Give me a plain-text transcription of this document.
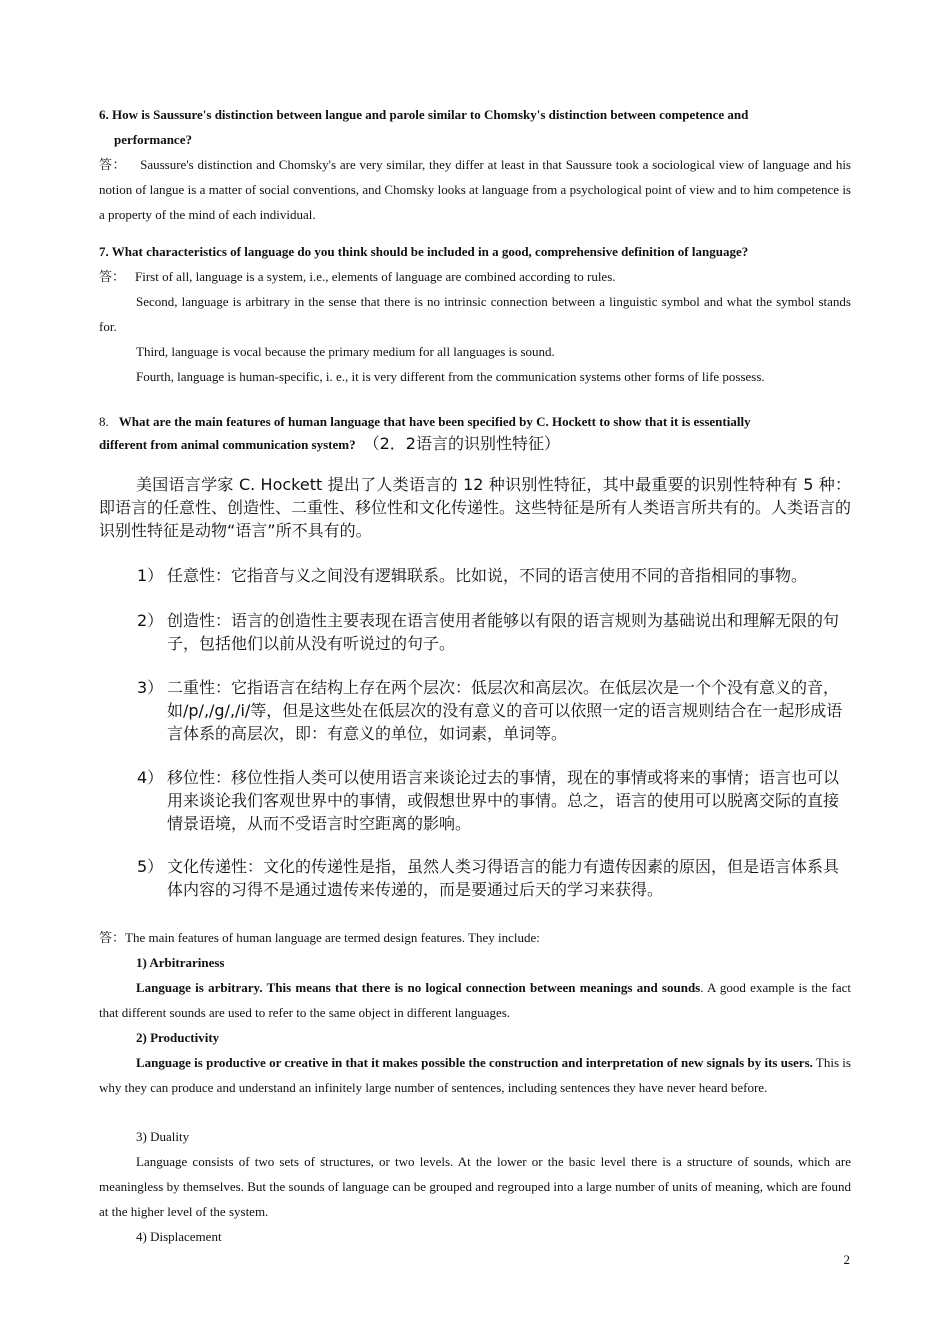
6. How is Saussure's distinction between langue and parole similar to Chomsky's distinction between competence and
performance?
答： Saussure's distinction and Chomsky's are very similar, they differ at least in that Saussure took a sociological view of language and his notion of langue is a matter of social conventions, and Chomsky looks at language from a psychological point of view and to him competence is a property of the mind of each individual.
7. What characteristics of language do you think should be included in a good, comprehensive definition of language?
答： First of all, language is a system, i.e., elements of language are combined according to rules.
Second, language is arbitrary in the sense that there is no intrinsic connection between a linguistic symbol and what the symbol stands for.
Third, language is vocal because the primary medium for all languages is sound.
Fourth, language is human-specific, i. e., it is very different from the communication systems other forms of life possess.
8. What are the main features of human language that have been specified by C. Hockett to show that it is essentially
different from animal communication system? （2．2语言的识别性特征）
美国语言学家 C. Hockett 提出了人类语言的 12 种识别性特征，其中最重要的识别性特种有 5 种：即语言的任意性、创造性、二重性、移位性和文化传递性。这些特征是所有人类语言所共有的。人类语言的识别性特征是动物“语言”所不具有的。
1） 任意性：它指音与义之间没有逻辑联系。比如说，不同的语言使用不同的音指相同的事物。
2） 创造性：语言的创造性主要表现在语言使用者能够以有限的语言规则为基础说出和理解无限的句子，包括他们以前从没有听说过的句子。
3） 二重性：它指语言在结构上存在两个层次：低层次和高层次。在低层次是一个个没有意义的音，如/p/,/g/,/i/等，但是这些处在低层次的没有意义的音可以依照一定的语言规则结合在一起形成语言体系的高层次，即：有意义的单位，如词素，单词等。
4） 移位性：移位性指人类可以使用语言来谈论过去的事情，现在的事情或将来的事情；语言也可以用来谈论我们客观世界中的事情，或假想世界中的事情。总之，语言的使用可以脱离交际的直接情景语境，从而不受语言时空距离的影响。
5） 文化传递性：文化的传递性是指，虽然人类习得语言的能力有遗传因素的原因，但是语言体系具体内容的习得不是通过遗传来传递的，而是要通过后天的学习来获得。
答：The main features of human language are termed design features. They include:
1) Arbitrariness
Language is arbitrary. This means that there is no logical connection between meanings and sounds. A good example is the fact that different sounds are used to refer to the same object in different languages.
2) Productivity
Language is productive or creative in that it makes possible the construction and interpretation of new signals by its users. This is why they can produce and understand an infinitely large number of sentences, including sentences they have never heard before.
3) Duality
Language consists of two sets of structures, or two levels. At the lower or the basic level there is a structure of sounds, which are meaningless by themselves. But the sounds of language can be grouped and regrouped into a large number of units of meaning, which are found at the higher level of the system.
4) Displacement
2
